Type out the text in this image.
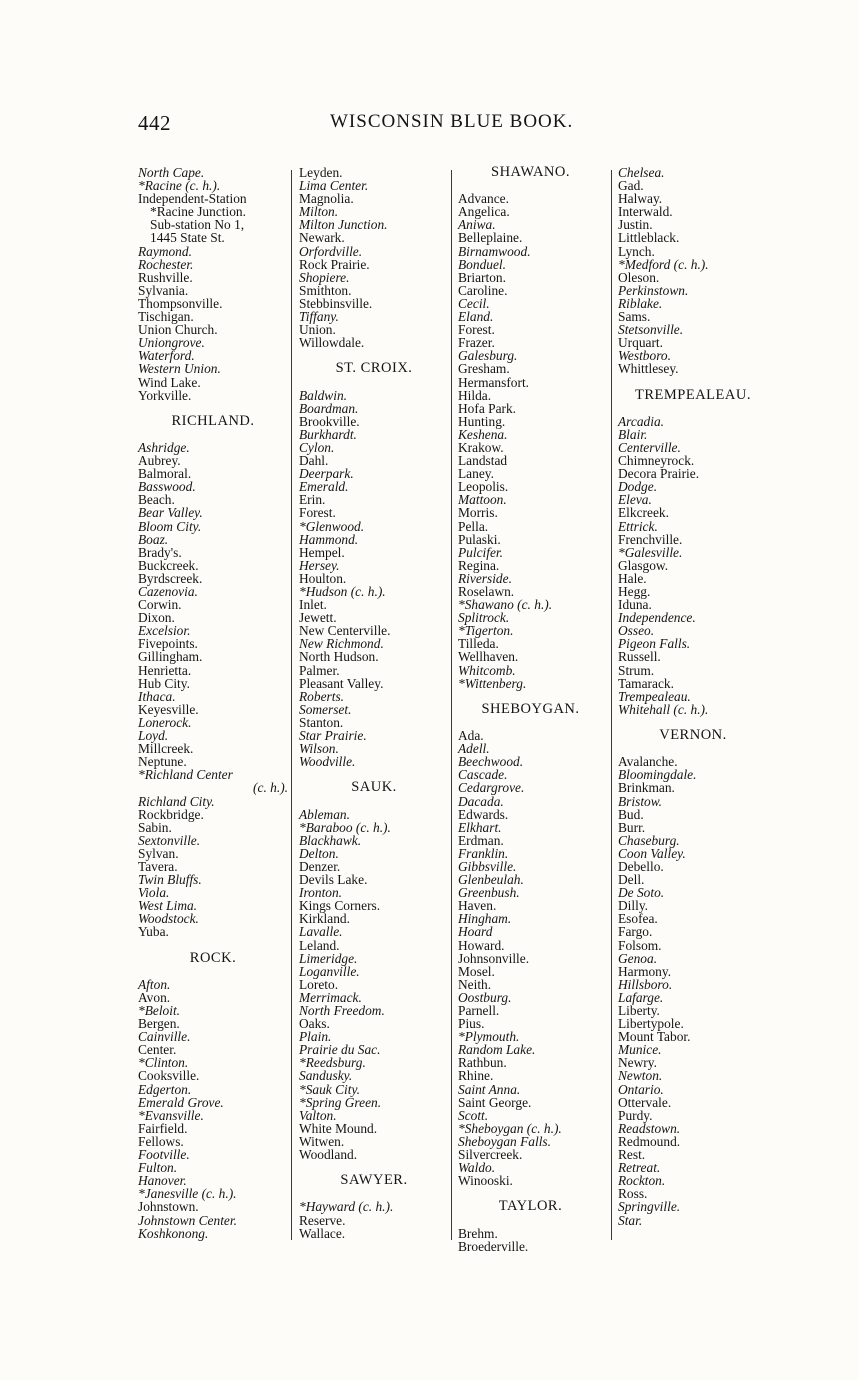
442	WISCONSIN BLUE BOOK.
North Cape.
*Racine (c. h.).
Independent-Station
*Racine Junction.
Sub-station No 1,
1445 State St.
Raymond.
Rochester.
Rushville.
Sylvania.
Thompsonville.
Tischigan.
Union Church.
Uniongrove.
Waterford.
Western Union.
Wind Lake.
Yorkville.
RICHLAND.
Ashridge.
Aubrey.
Balmoral.
Basswood.
Beach.
Bear Valley.
Bloom City.
Boaz.
Brady's.
Buckcreek.
Byrdscreek.
Cazenovia.
Corwin.
Dixon.
Excelsior.
Fivepoints.
Gillingham.
Henrietta.
Hub City.
Ithaca.
Keyesville.
Lonerock.
Loyd.
Millcreek.
Neptune.
*Richland Center
(c. h.).
Richland City.
Rockbridge.
Sabin.
Sextonville.
Sylvan.
Tavera.
Twin Bluffs.
Viola.
West Lima.
Woodstock.
Yuba.
ROCK.
Afton.
Avon.
*Beloit.
Bergen.
Cainville.
Center.
*Clinton.
Cooksville.
Edgerton.
Emerald Grove.
*Evansville.
Fairfield.
Fellows.
Footville.
Fulton.
Hanover.
*Janesville (c. h.).
Johnstown.
Johnstown Center.
Koshkonong.
Leyden.
Lima Center.
Magnolia.
Milton.
Milton Junction.
Newark.
Orfordville.
Rock Prairie.
Shopiere.
Smithton.
Stebbinsville.
Tiffany.
Union.
Willowdale.
ST. CROIX.
Baldwin.
Boardman.
Brookville.
Burkhardt.
Cylon.
Dahl.
Deerpark.
Emerald.
Erin.
Forest.
*Glenwood.
Hammond.
Hempel.
Hersey.
Houlton.
*Hudson (c. h.).
Inlet.
Jewett.
New Centerville.
New Richmond.
North Hudson.
Palmer.
Pleasant Valley.
Roberts.
Somerset.
Stanton.
Star Prairie.
Wilson.
Woodville.
SAUK.
Ableman.
*Baraboo (c. h.).
Blackhawk.
Delton.
Denzer.
Devils Lake.
Ironton.
Kings Corners.
Kirkland.
Lavalle.
Leland.
Limeridge.
Loganville.
Loreto.
Merrimack.
North Freedom.
Oaks.
Plain.
Prairie du Sac.
*Reedsburg.
Sandusky.
*Sauk City.
*Spring Green.
Valton.
White Mound.
Witwen.
Woodland.
SAWYER.
*Hayward (c. h.).
Reserve.
Wallace.
SHAWANO.
Advance.
Angelica.
Aniwa.
Belleplaine.
Birnamwood.
Bonduel.
Briarton.
Caroline.
Cecil.
Eland.
Forest.
Frazer.
Galesburg.
Gresham.
Hermansfort.
Hilda.
Hofa Park.
Hunting.
Keshena.
Krakow.
Landstad
Laney.
Leopolis.
Mattoon.
Morris.
Pella.
Pulaski.
Pulcifer.
Regina.
Riverside.
Roselawn.
*Shawano (c. h.).
Splitrock.
*Tigerton.
Tilleda.
Wellhaven.
Whitcomb.
*Wittenberg.
SHEBOYGAN.
Ada.
Adell.
Beechwood.
Cascade.
Cedargrove.
Dacada.
Edwards.
Elkhart.
Erdman.
Franklin.
Gibbsville.
Glenbeulah.
Greenbush.
Haven.
Hingham.
Hoard
Howard.
Johnsonville.
Mosel.
Neith.
Oostburg.
Parnell.
Pius.
*Plymouth.
Random Lake.
Rathbun.
Rhine.
Saint Anna.
Saint George.
Scott.
*Sheboygan (c. h.).
Sheboygan Falls.
Silvercreek.
Waldo.
Winooski.
TAYLOR.
Brehm.
Broederville.
Chelsea.
Gad.
Halway.
Interwald.
Justin.
Littleblack.
Lynch.
*Medford (c. h.).
Oleson.
Perkinstown.
Riblake.
Sams.
Stetsonville.
Urquart.
Westboro.
Whittlesey.
TREMPEALEAU.
Arcadia.
Blair.
Centerville.
Chimneyrock.
Decora Prairie.
Dodge.
Eleva.
Elkcreek.
Ettrick.
Frenchville.
*Galesville.
Glasgow.
Hale.
Hegg.
Iduna.
Independence.
Osseo.
Pigeon Falls.
Russell.
Strum.
Tamarack.
Trempealeau.
Whitehall (c. h.).
VERNON.
Avalanche.
Bloomingdale.
Brinkman.
Bristow.
Bud.
Burr.
Chaseburg.
Coon Valley.
Debello.
Dell.
De Soto.
Dilly.
Esofea.
Fargo.
Folsom.
Genoa.
Harmony.
Hillsboro.
Lafarge.
Liberty.
Libertypole.
Mount Tabor.
Munice.
Newry.
Newton.
Ontario.
Ottervale.
Purdy.
Readstown.
Redmound.
Rest.
Retreat.
Rockton.
Ross.
Springville.
Star.
